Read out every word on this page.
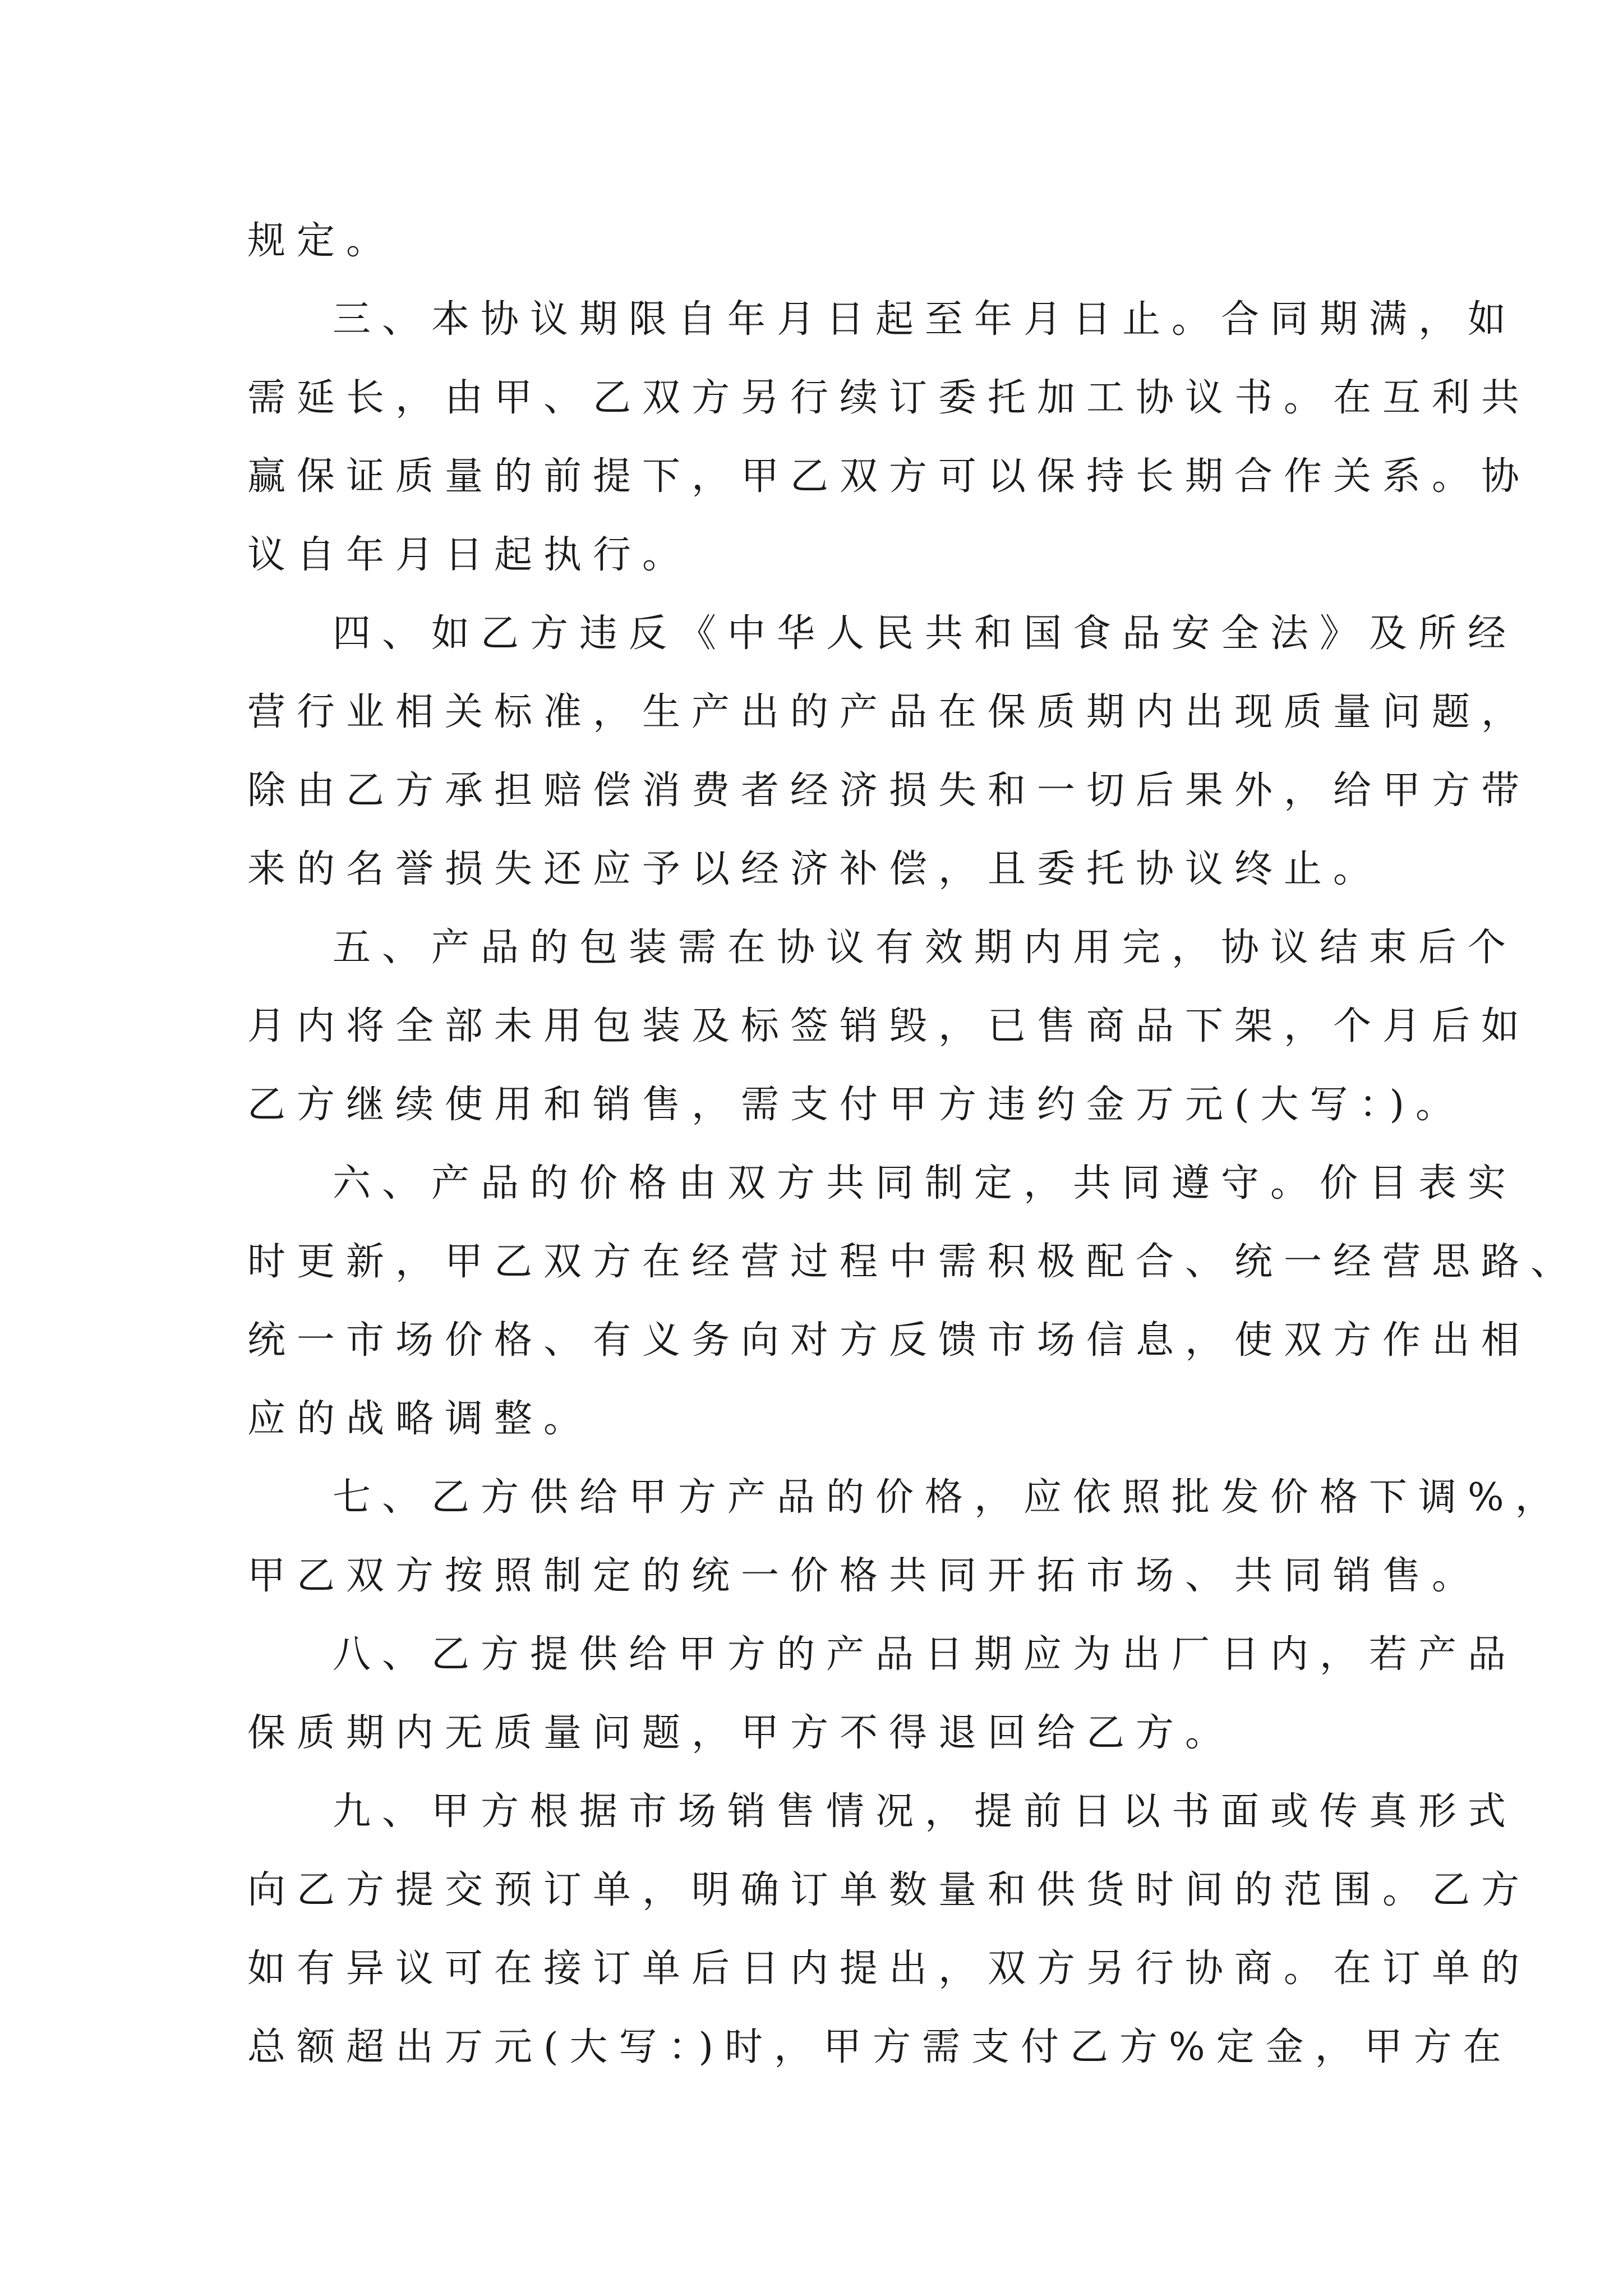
规定。
三、本协议期限自年月日起至年月日止。合同期满，如
需延长，由甲、乙双方另行续订委托加工协议书。在互利共
赢保证质量的前提下，甲乙双方可以保持长期合作关系。协
议自年月日起执行。
四、如乙方违反《中华人民共和国食品安全法》及所经
营行业相关标准，生产出的产品在保质期内出现质量问题，
除由乙方承担赔偿消费者经济损失和一切后果外，给甲方带
来的名誉损失还应予以经济补偿，且委托协议终止。
五、产品的包装需在协议有效期内用完，协议结束后个
月内将全部未用包装及标签销毁，已售商品下架，个月后如
乙方继续使用和销售，需支付甲方违约金万元(大写：)。
六、产品的价格由双方共同制定，共同遵守。价目表实
时更新，甲乙双方在经营过程中需积极配合、统一经营思路、
统一市场价格、有义务向对方反馈市场信息，使双方作出相
应的战略调整。
七、乙方供给甲方产品的价格，应依照批发价格下调%，
甲乙双方按照制定的统一价格共同开拓市场、共同销售。
八、乙方提供给甲方的产品日期应为出厂日内，若产品
保质期内无质量问题，甲方不得退回给乙方。
九、甲方根据市场销售情况，提前日以书面或传真形式
向乙方提交预订单，明确订单数量和供货时间的范围。乙方
如有异议可在接订单后日内提出，双方另行协商。在订单的
总额超出万元(大写：)时，甲方需支付乙方%定金，甲方在
